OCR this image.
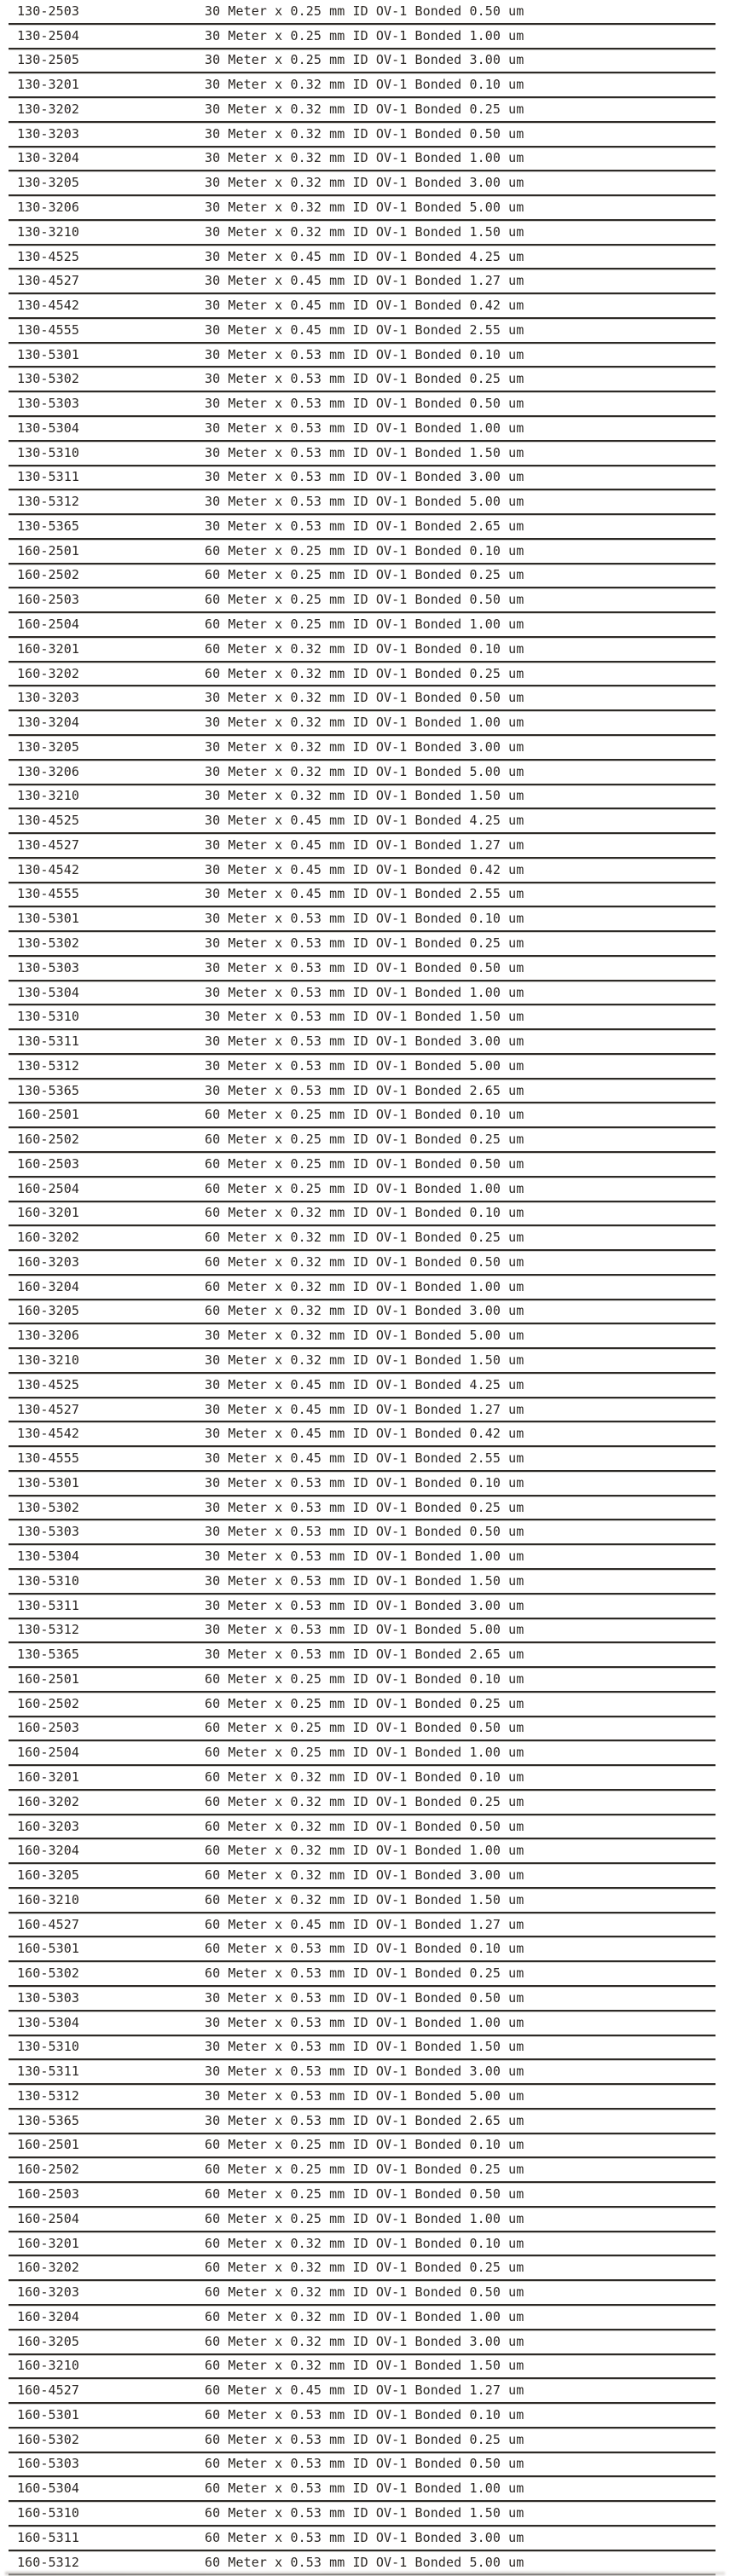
130-2503	30 Meter x 0.25 mm ID OV-1 Bonded 0.50 um
130-2504	30 Meter x 0.25 mm ID OV-1 Bonded 1.00 um
130-2505	30 Meter x 0.25 mm ID OV-1 Bonded 3.00 um
130-3201	30 Meter x 0.32 mm ID OV-1 Bonded 0.10 um
130-3202	30 Meter x 0.32 mm ID OV-1 Bonded 0.25 um
130-3203	30 Meter x 0.32 mm ID OV-1 Bonded 0.50 um
130-3204	30 Meter x 0.32 mm ID OV-1 Bonded 1.00 um
130-3205	30 Meter x 0.32 mm ID OV-1 Bonded 3.00 um
130-3206	30 Meter x 0.32 mm ID OV-1 Bonded 5.00 um
130-3210	30 Meter x 0.32 mm ID OV-1 Bonded 1.50 um
130-4525	30 Meter x 0.45 mm ID OV-1 Bonded 4.25 um
130-4527	30 Meter x 0.45 mm ID OV-1 Bonded 1.27 um
130-4542	30 Meter x 0.45 mm ID OV-1 Bonded 0.42 um
130-4555	30 Meter x 0.45 mm ID OV-1 Bonded 2.55 um
130-5301	30 Meter x 0.53 mm ID OV-1 Bonded 0.10 um
130-5302	30 Meter x 0.53 mm ID OV-1 Bonded 0.25 um
130-5303	30 Meter x 0.53 mm ID OV-1 Bonded 0.50 um
130-5304	30 Meter x 0.53 mm ID OV-1 Bonded 1.00 um
130-5310	30 Meter x 0.53 mm ID OV-1 Bonded 1.50 um
130-5311	30 Meter x 0.53 mm ID OV-1 Bonded 3.00 um
130-5312	30 Meter x 0.53 mm ID OV-1 Bonded 5.00 um
130-5365	30 Meter x 0.53 mm ID OV-1 Bonded 2.65 um
160-2501	60 Meter x 0.25 mm ID OV-1 Bonded 0.10 um
160-2502	60 Meter x 0.25 mm ID OV-1 Bonded 0.25 um
160-2503	60 Meter x 0.25 mm ID OV-1 Bonded 0.50 um
160-2504	60 Meter x 0.25 mm ID OV-1 Bonded 1.00 um
160-3201	60 Meter x 0.32 mm ID OV-1 Bonded 0.10 um
160-3202	60 Meter x 0.32 mm ID OV-1 Bonded 0.25 um
130-3203	30 Meter x 0.32 mm ID OV-1 Bonded 0.50 um
130-3204	30 Meter x 0.32 mm ID OV-1 Bonded 1.00 um
130-3205	30 Meter x 0.32 mm ID OV-1 Bonded 3.00 um
130-3206	30 Meter x 0.32 mm ID OV-1 Bonded 5.00 um
130-3210	30 Meter x 0.32 mm ID OV-1 Bonded 1.50 um
130-4525	30 Meter x 0.45 mm ID OV-1 Bonded 4.25 um
130-4527	30 Meter x 0.45 mm ID OV-1 Bonded 1.27 um
130-4542	30 Meter x 0.45 mm ID OV-1 Bonded 0.42 um
130-4555	30 Meter x 0.45 mm ID OV-1 Bonded 2.55 um
130-5301	30 Meter x 0.53 mm ID OV-1 Bonded 0.10 um
130-5302	30 Meter x 0.53 mm ID OV-1 Bonded 0.25 um
130-5303	30 Meter x 0.53 mm ID OV-1 Bonded 0.50 um
130-5304	30 Meter x 0.53 mm ID OV-1 Bonded 1.00 um
130-5310	30 Meter x 0.53 mm ID OV-1 Bonded 1.50 um
130-5311	30 Meter x 0.53 mm ID OV-1 Bonded 3.00 um
130-5312	30 Meter x 0.53 mm ID OV-1 Bonded 5.00 um
130-5365	30 Meter x 0.53 mm ID OV-1 Bonded 2.65 um
160-2501	60 Meter x 0.25 mm ID OV-1 Bonded 0.10 um
160-2502	60 Meter x 0.25 mm ID OV-1 Bonded 0.25 um
160-2503	60 Meter x 0.25 mm ID OV-1 Bonded 0.50 um
160-2504	60 Meter x 0.25 mm ID OV-1 Bonded 1.00 um
160-3201	60 Meter x 0.32 mm ID OV-1 Bonded 0.10 um
160-3202	60 Meter x 0.32 mm ID OV-1 Bonded 0.25 um
160-3203	60 Meter x 0.32 mm ID OV-1 Bonded 0.50 um
160-3204	60 Meter x 0.32 mm ID OV-1 Bonded 1.00 um
160-3205	60 Meter x 0.32 mm ID OV-1 Bonded 3.00 um
130-3206	30 Meter x 0.32 mm ID OV-1 Bonded 5.00 um
130-3210	30 Meter x 0.32 mm ID OV-1 Bonded 1.50 um
130-4525	30 Meter x 0.45 mm ID OV-1 Bonded 4.25 um
130-4527	30 Meter x 0.45 mm ID OV-1 Bonded 1.27 um
130-4542	30 Meter x 0.45 mm ID OV-1 Bonded 0.42 um
130-4555	30 Meter x 0.45 mm ID OV-1 Bonded 2.55 um
130-5301	30 Meter x 0.53 mm ID OV-1 Bonded 0.10 um
130-5302	30 Meter x 0.53 mm ID OV-1 Bonded 0.25 um
130-5303	30 Meter x 0.53 mm ID OV-1 Bonded 0.50 um
130-5304	30 Meter x 0.53 mm ID OV-1 Bonded 1.00 um
130-5310	30 Meter x 0.53 mm ID OV-1 Bonded 1.50 um
130-5311	30 Meter x 0.53 mm ID OV-1 Bonded 3.00 um
130-5312	30 Meter x 0.53 mm ID OV-1 Bonded 5.00 um
130-5365	30 Meter x 0.53 mm ID OV-1 Bonded 2.65 um
160-2501	60 Meter x 0.25 mm ID OV-1 Bonded 0.10 um
160-2502	60 Meter x 0.25 mm ID OV-1 Bonded 0.25 um
160-2503	60 Meter x 0.25 mm ID OV-1 Bonded 0.50 um
160-2504	60 Meter x 0.25 mm ID OV-1 Bonded 1.00 um
160-3201	60 Meter x 0.32 mm ID OV-1 Bonded 0.10 um
160-3202	60 Meter x 0.32 mm ID OV-1 Bonded 0.25 um
160-3203	60 Meter x 0.32 mm ID OV-1 Bonded 0.50 um
160-3204	60 Meter x 0.32 mm ID OV-1 Bonded 1.00 um
160-3205	60 Meter x 0.32 mm ID OV-1 Bonded 3.00 um
160-3210	60 Meter x 0.32 mm ID OV-1 Bonded 1.50 um
160-4527	60 Meter x 0.45 mm ID OV-1 Bonded 1.27 um
160-5301	60 Meter x 0.53 mm ID OV-1 Bonded 0.10 um
160-5302	60 Meter x 0.53 mm ID OV-1 Bonded 0.25 um
130-5303	30 Meter x 0.53 mm ID OV-1 Bonded 0.50 um
130-5304	30 Meter x 0.53 mm ID OV-1 Bonded 1.00 um
130-5310	30 Meter x 0.53 mm ID OV-1 Bonded 1.50 um
130-5311	30 Meter x 0.53 mm ID OV-1 Bonded 3.00 um
130-5312	30 Meter x 0.53 mm ID OV-1 Bonded 5.00 um
130-5365	30 Meter x 0.53 mm ID OV-1 Bonded 2.65 um
160-2501	60 Meter x 0.25 mm ID OV-1 Bonded 0.10 um
160-2502	60 Meter x 0.25 mm ID OV-1 Bonded 0.25 um
160-2503	60 Meter x 0.25 mm ID OV-1 Bonded 0.50 um
160-2504	60 Meter x 0.25 mm ID OV-1 Bonded 1.00 um
160-3201	60 Meter x 0.32 mm ID OV-1 Bonded 0.10 um
160-3202	60 Meter x 0.32 mm ID OV-1 Bonded 0.25 um
160-3203	60 Meter x 0.32 mm ID OV-1 Bonded 0.50 um
160-3204	60 Meter x 0.32 mm ID OV-1 Bonded 1.00 um
160-3205	60 Meter x 0.32 mm ID OV-1 Bonded 3.00 um
160-3210	60 Meter x 0.32 mm ID OV-1 Bonded 1.50 um
160-4527	60 Meter x 0.45 mm ID OV-1 Bonded 1.27 um
160-5301	60 Meter x 0.53 mm ID OV-1 Bonded 0.10 um
160-5302	60 Meter x 0.53 mm ID OV-1 Bonded 0.25 um
160-5303	60 Meter x 0.53 mm ID OV-1 Bonded 0.50 um
160-5304	60 Meter x 0.53 mm ID OV-1 Bonded 1.00 um
160-5310	60 Meter x 0.53 mm ID OV-1 Bonded 1.50 um
160-5311	60 Meter x 0.53 mm ID OV-1 Bonded 3.00 um
160-5312	60 Meter x 0.53 mm ID OV-1 Bonded 5.00 um
